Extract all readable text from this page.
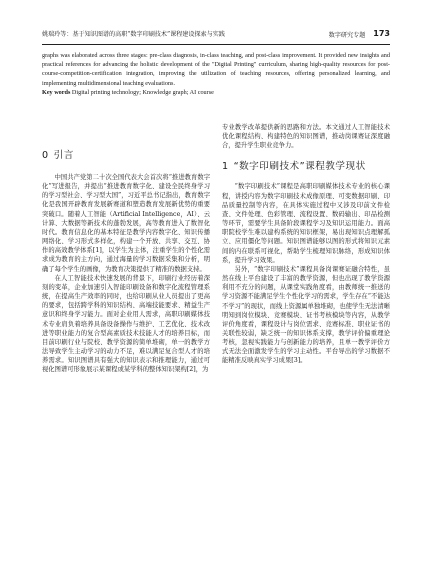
姚瑞玲等：基于知识图谱的高职“数字印刷技术”课程建设探索与实践	数字研究专题 173

graphs was elaborated across three stages: pre-class diagnosis, in-class teaching, and post-class improvement. It provided new insights and practical references for advancing the holistic development of the "Digital Printing" curriculum, sharing high-quality resources for post-course-competition-certification integration, improving the utilization of teaching resources, offering personalized learning, and implementing multidimensional teaching evaluations.

Key words Digital printing technology; Knowledge graph; AI course

0 引言

中国共产党第二十次全国代表大会首次将“推进教育数字化”写进报告，并提出“推进教育数字化、建设全民终身学习的学习型社会、学习型大国”，习近平总书记指出，教育数字化是我国开辟教育发展新赛道和塑造教育发展新优势的重要突破口。随着人工智能（Artificial Intelligence，AI）、云计算、大数据等新技术的蓬勃发展，高等教育进入了数智化时代。教育信息化的基本特征是教学内容数字化、知识传播网络化、学习形式多样化，构建一个开放、共享、交互、协作的高效教学体系[1]，以学生为主体，注重学生的个性化需求成为教育的主方向，通过海量的学习数据采集和分析，明确了每个学生的画像，为教育决策提供了精准的数据支持。

在人工智能技术快速发展的背景下，印刷行业经历着深刻的变革，企业加速引入智能印刷设备和数字化流程管理系统，在提高生产效率的同时，也给印刷从业人员提出了更高的要求，包括跨学科的知识结构、高端技能要求、精益生产意识和终身学习能力。面对企业用人需求，高职印刷媒体技术专业肩负着培养具备设备操作与维护、工艺优化、技术改进等职业能力的复合型高素质技术技能人才的培养目标，而目前印刷行业与院校、教学资源的简单堆砌，单一的教学方法导致学生主动学习的动力不足，难以满足复合型人才的培养需求。知识图谱具有强大的知识表示和推理能力，通过可视化图谱可形象展示某课程或某学科的整体知识架构[2]，为

专业教学改革提供新的思路和方法。本文通过人工智能技术优化课程结构、构建特色的知识图谱，推动岗课赛证深度融合，提升学生职业竞争力。

1 “数字印刷技术”课程教学现状

“数字印刷技术”课程是高职印刷媒体技术专业的核心课程，讲授内容为数字印刷技术成像原理、可变数据印刷、印品质量控制等内容，在具体实施过程中又涉及印前文件检查、文件处理、色彩管理、流程设置、数码输出、印品检测等环节，需要学生具备阶段课程学习及知识运用能力。面高职院校学生难以建构系统的知识框架，易出现知识点理解孤立、应用僵化等问题。知识图谱能够以图的形式将知识元素间的内在联系可视化，帮助学生梳理知识脉络，形成知识体系，提升学习效果。

另外，“数字印刷技术”课程具备岗课赛证融合特性，虽然在线上平台建设了丰富的教学资源，但也出现了教学资源利用不充分的问题，从课堂实践角度看，由教师统一推送的学习资源不能满足学生个性化学习的需求，学生存在“不能达不学习”的现状，而线上资源属单独堆砌，也使学生无法清晰明知到岗位模块、竞赛模块、证书考核模块等内容，从教学评价角度看，课程设计与岗位需求、竞赛标准、职业证书的关联性较弱，缺乏统一的知识体系支撑，教学评价偏重理论考核，忽视实践能力与创新能力的培养，且单一教学评价方式无法全面激发学生的学习主动性。平台导出的学习数据不能精准反映真实学习成果[3]。
